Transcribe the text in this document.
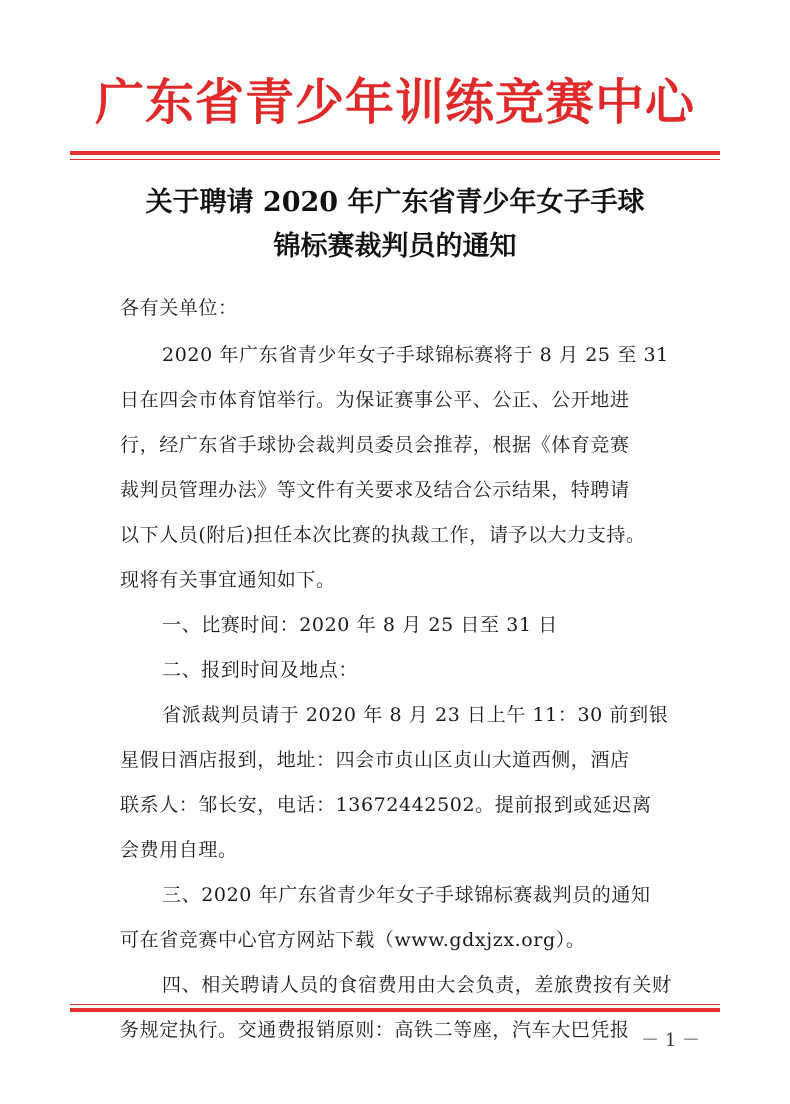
广东省青少年训练竞赛中心
关于聘请 2020 年广东省青少年女子手球
锦标赛裁判员的通知
各有关单位：
2020 年广东省青少年女子手球锦标赛将于 8 月 25 至 31
日在四会市体育馆举行。为保证赛事公平、公正、公开地进
行，经广东省手球协会裁判员委员会推荐，根据《体育竞赛
裁判员管理办法》等文件有关要求及结合公示结果，特聘请
以下人员(附后)担任本次比赛的执裁工作，请予以大力支持。
现将有关事宜通知如下。
一、比赛时间：2020 年 8 月 25 日至 31 日
二、报到时间及地点：
省派裁判员请于 2020 年 8 月 23 日上午 11：30 前到银
星假日酒店报到，地址：四会市贞山区贞山大道西侧，酒店
联系人：邹长安，电话：13672442502。提前报到或延迟离
会费用自理。
三、2020 年广东省青少年女子手球锦标赛裁判员的通知
可在省竞赛中心官方网站下载（www.gdxjzx.org）。
四、相关聘请人员的食宿费用由大会负责，差旅费按有关财
务规定执行。交通费报销原则：高铁二等座，汽车大巴凭报 － 1 －
